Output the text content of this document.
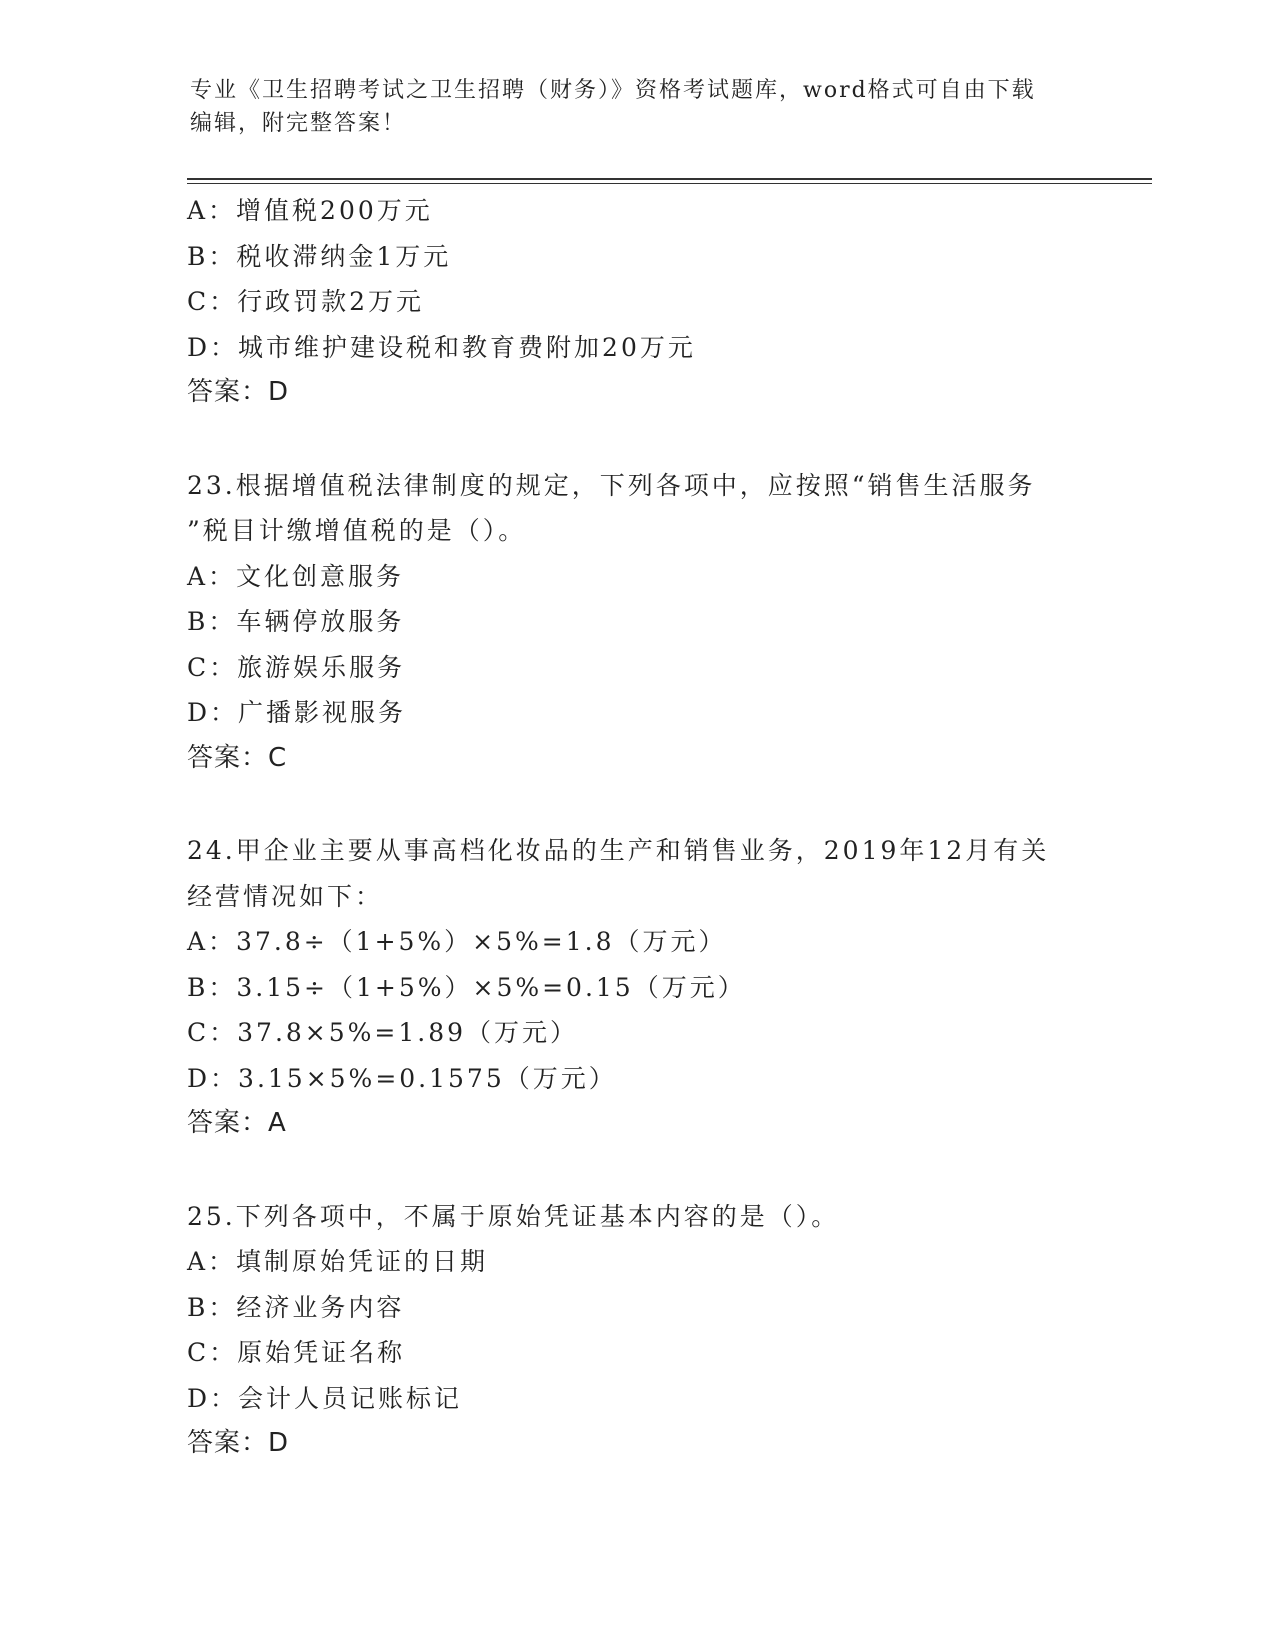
专业《卫生招聘考试之卫生招聘（财务）》资格考试题库，word格式可自由下载
编辑，附完整答案！
A：增值税200万元
B：税收滞纳金1万元
C：行政罚款2万元
D：城市维护建设税和教育费附加20万元
答案：D
23.根据增值税法律制度的规定，下列各项中，应按照“销售生活服务
”税目计缴增值税的是（）。
A：文化创意服务
B：车辆停放服务
C：旅游娱乐服务
D：广播影视服务
答案：C
24.甲企业主要从事高档化妆品的生产和销售业务，2019年12月有关
经营情况如下：
A：37.8÷（1+5%）×5%=1.8（万元）
B：3.15÷（1+5%）×5%=0.15（万元）
C：37.8×5%=1.89（万元）
D：3.15×5%=0.1575（万元）
答案：A
25.下列各项中，不属于原始凭证基本内容的是（）。
A：填制原始凭证的日期
B：经济业务内容
C：原始凭证名称
D：会计人员记账标记
答案：D
